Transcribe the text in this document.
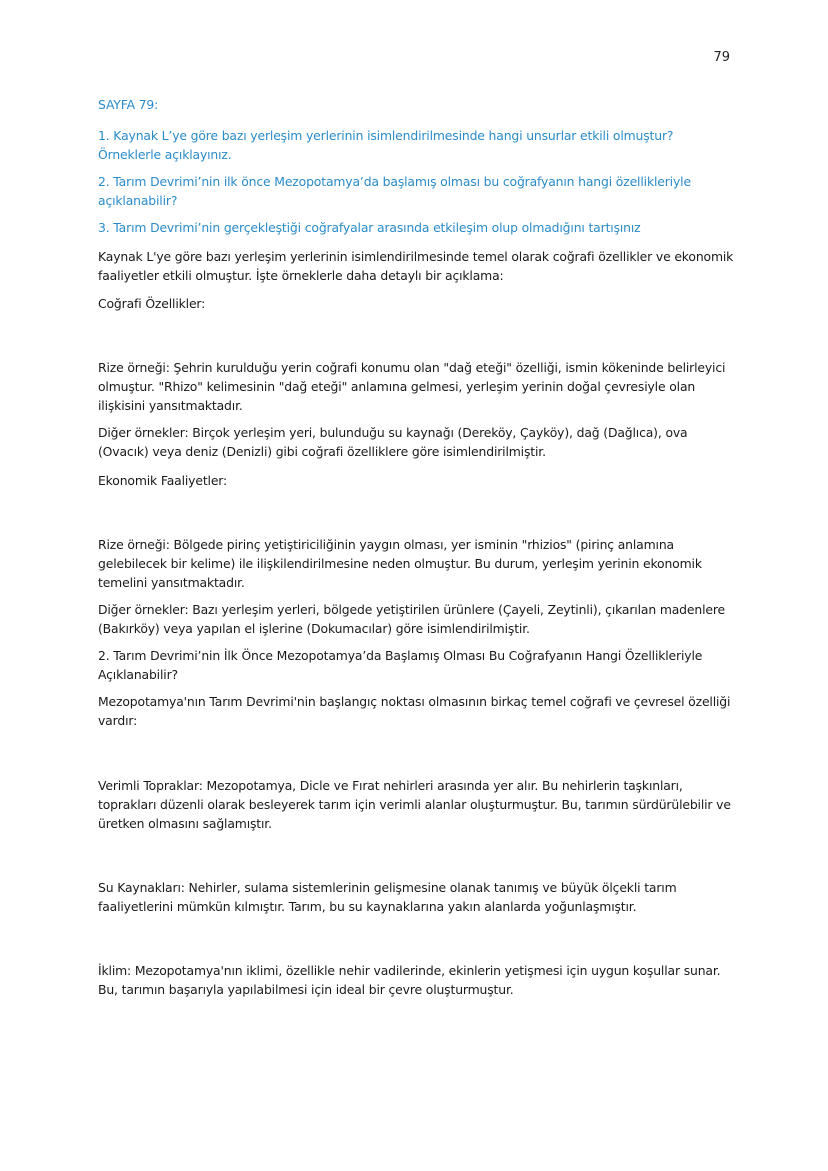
79

SAYFA 79:

1. Kaynak L’ye göre bazı yerleşim yerlerinin isimlendirilmesinde hangi unsurlar etkili olmuştur? Örneklerle açıklayınız.

2. Tarım Devrimi’nin ilk önce Mezopotamya’da başlamış olması bu coğrafyanın hangi özellikleriyle açıklanabilir?

3. Tarım Devrimi’nin gerçekleştiği coğrafyalar arasında etkileşim olup olmadığını tartışınız

Kaynak L'ye göre bazı yerleşim yerlerinin isimlendirilmesinde temel olarak coğrafi özellikler ve ekonomik faaliyetler etkili olmuştur. İşte örneklerle daha detaylı bir açıklama:

Coğrafi Özellikler:

Rize örneği: Şehrin kurulduğu yerin coğrafi konumu olan "dağ eteği" özelliği, ismin kökeninde belirleyici olmuştur. "Rhizo" kelimesinin "dağ eteği" anlamına gelmesi, yerleşim yerinin doğal çevresiyle olan ilişkisini yansıtmaktadır.

Diğer örnekler: Birçok yerleşim yeri, bulunduğu su kaynağı (Dereköy, Çayköy), dağ (Dağlıca), ova (Ovacık) veya deniz (Denizli) gibi coğrafi özelliklere göre isimlendirilmiştir.

Ekonomik Faaliyetler:

Rize örneği: Bölgede pirinç yetiştiriciliğinin yaygın olması, yer isminin "rhizios" (pirinç anlamına gelebilecek bir kelime) ile ilişkilendirilmesine neden olmuştur. Bu durum, yerleşim yerinin ekonomik temelini yansıtmaktadır.

Diğer örnekler: Bazı yerleşim yerleri, bölgede yetiştirilen ürünlere (Çayeli, Zeytinli), çıkarılan madenlere (Bakırköy) veya yapılan el işlerine (Dokumacılar) göre isimlendirilmiştir.

2. Tarım Devrimi’nin İlk Önce Mezopotamya’da Başlamış Olması Bu Coğrafyanın Hangi Özellikleriyle Açıklanabilir?

Mezopotamya'nın Tarım Devrimi'nin başlangıç noktası olmasının birkaç temel coğrafi ve çevresel özelliği vardır:

Verimli Topraklar: Mezopotamya, Dicle ve Fırat nehirleri arasında yer alır. Bu nehirlerin taşkınları, toprakları düzenli olarak besleyerek tarım için verimli alanlar oluşturmuştur. Bu, tarımın sürdürülebilir ve üretken olmasını sağlamıştır.

Su Kaynakları: Nehirler, sulama sistemlerinin gelişmesine olanak tanımış ve büyük ölçekli tarım faaliyetlerini mümkün kılmıştır. Tarım, bu su kaynaklarına yakın alanlarda yoğunlaşmıştır.

İklim: Mezopotamya'nın iklimi, özellikle nehir vadilerinde, ekinlerin yetişmesi için uygun koşullar sunar. Bu, tarımın başarıyla yapılabilmesi için ideal bir çevre oluşturmuştur.
